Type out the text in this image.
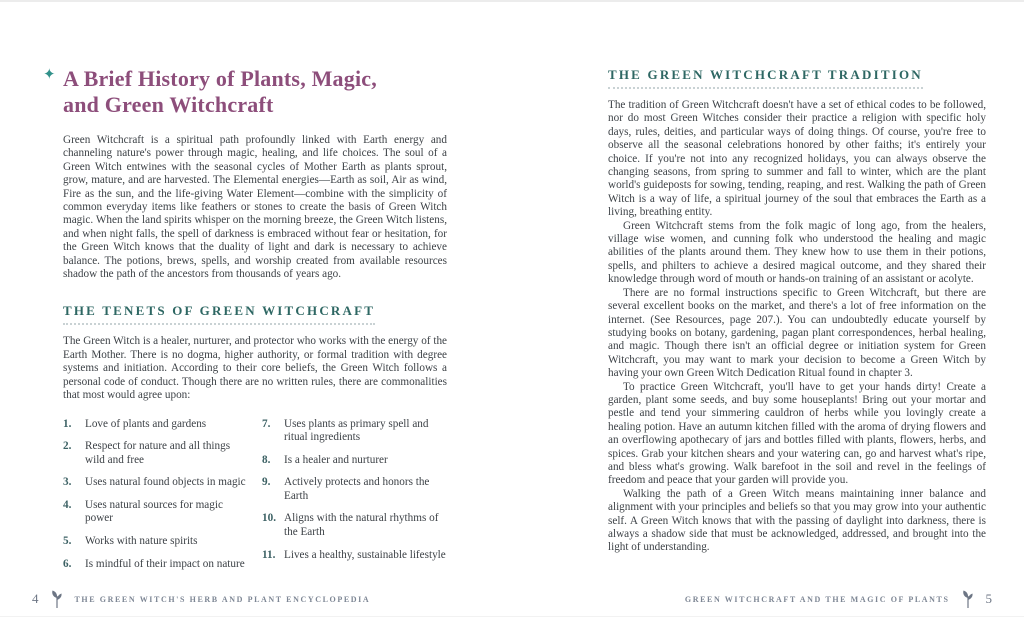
✦ A Brief History of Plants, Magic,
and Green Witchcraft

Green Witchcraft is a spiritual path profoundly linked with Earth energy and channeling nature's power through magic, healing, and life choices. The soul of a Green Witch entwines with the seasonal cycles of Mother Earth as plants sprout, grow, mature, and are harvested. The Elemental energies—Earth as soil, Air as wind, Fire as the sun, and the life-giving Water Element—combine with the simplicity of common everyday items like feathers or stones to create the basis of Green Witch magic. When the land spirits whisper on the morning breeze, the Green Witch listens, and when night falls, the spell of darkness is embraced without fear or hesitation, for the Green Witch knows that the duality of light and dark is necessary to achieve balance. The potions, brews, spells, and worship created from available resources shadow the path of the ancestors from thousands of years ago.

THE TENETS OF GREEN WITCHCRAFT

The Green Witch is a healer, nurturer, and protector who works with the energy of the Earth Mother. There is no dogma, higher authority, or formal tradition with degree systems and initiation. According to their core beliefs, the Green Witch follows a personal code of conduct. Though there are no written rules, there are commonalities that most would agree upon:

1.	Love of plants and gardens
2.	Respect for nature and all things wild and free
3.	Uses natural found objects in magic
4.	Uses natural sources for magic power
5.	Works with nature spirits
6.	Is mindful of their impact on nature
7.	Uses plants as primary spell and ritual ingredients
8.	Is a healer and nurturer
9.	Actively protects and honors the Earth
10. Aligns with the natural rhythms of the Earth
11. Lives a healthy, sustainable lifestyle
4	THE GREEN WITCH'S HERB AND PLANT ENCYCLOPEDIA
THE GREEN WITCHCRAFT TRADITION

The tradition of Green Witchcraft doesn't have a set of ethical codes to be followed, nor do most Green Witches consider their practice a religion with specific holy days, rules, deities, and particular ways of doing things. Of course, you're free to observe all the seasonal celebrations honored by other faiths; it's entirely your choice. If you're not into any recognized holidays, you can always observe the changing seasons, from spring to summer and fall to winter, which are the plant world's guideposts for sowing, tending, reaping, and rest. Walking the path of Green Witch is a way of life, a spiritual journey of the soul that embraces the Earth as a living, breathing entity.

Green Witchcraft stems from the folk magic of long ago, from the healers, village wise women, and cunning folk who understood the healing and magic abilities of the plants around them. They knew how to use them in their potions, spells, and philters to achieve a desired magical outcome, and they shared their knowledge through word of mouth or hands-on training of an assistant or acolyte.

There are no formal instructions specific to Green Witchcraft, but there are several excellent books on the market, and there's a lot of free information on the internet. (See Resources, page 207.). You can undoubtedly educate yourself by studying books on botany, gardening, pagan plant correspondences, herbal healing, and magic. Though there isn't an official degree or initiation system for Green Witchcraft, you may want to mark your decision to become a Green Witch by having your own Green Witch Dedication Ritual found in chapter 3.

To practice Green Witchcraft, you'll have to get your hands dirty! Create a garden, plant some seeds, and buy some houseplants! Bring out your mortar and pestle and tend your simmering cauldron of herbs while you lovingly create a healing potion. Have an autumn kitchen filled with the aroma of drying flowers and an overflowing apothecary of jars and bottles filled with plants, flowers, herbs, and spices. Grab your kitchen shears and your watering can, go and harvest what's ripe, and bless what's growing. Walk barefoot in the soil and revel in the feelings of freedom and peace that your garden will provide you.

Walking the path of a Green Witch means maintaining inner balance and alignment with your principles and beliefs so that you may grow into your authentic self. A Green Witch knows that with the passing of daylight into darkness, there is always a shadow side that must be acknowledged, addressed, and brought into the light of understanding.

GREEN WITCHCRAFT AND THE MAGIC OF PLANTS	5
